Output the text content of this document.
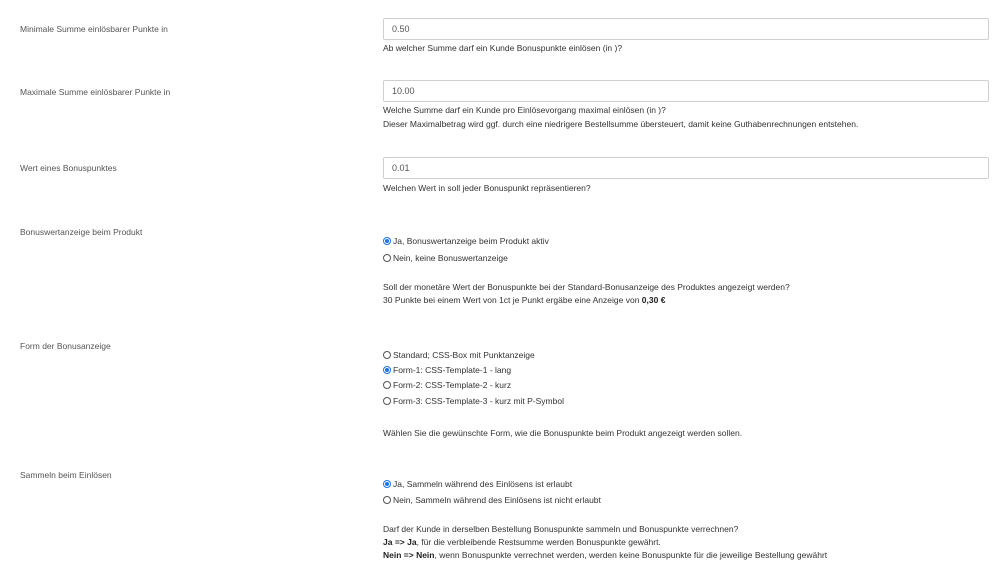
Minimale Summe einlösbarer Punkte in
0.50
Ab welcher Summe darf ein Kunde Bonuspunkte einlösen (in )?
Maximale Summe einlösbarer Punkte in
10.00
Welche Summe darf ein Kunde pro Einlösevorgang maximal einlösen (in )?
Dieser Maximalbetrag wird ggf. durch eine niedrigere Bestellsumme übersteuert, damit keine Guthabenrechnungen entstehen.
Wert eines Bonuspunktes
0.01
Welchen Wert in soll jeder Bonuspunkt repräsentieren?
Bonuswertanzeige beim Produkt
Ja, Bonuswertanzeige beim Produkt aktiv
Nein, keine Bonuswertanzeige
Soll der monetäre Wert der Bonuspunkte bei der Standard-Bonusanzeige des Produktes angezeigt werden?
30 Punkte bei einem Wert von 1ct je Punkt ergäbe eine Anzeige von 0,30 €
Form der Bonusanzeige
Standard; CSS-Box mit Punktanzeige
Form-1: CSS-Template-1 - lang
Form-2: CSS-Template-2 - kurz
Form-3: CSS-Template-3 - kurz mit P-Symbol
Wählen Sie die gewünschte Form, wie die Bonuspunkte beim Produkt angezeigt werden sollen.
Sammeln beim Einlösen
Ja, Sammeln während des Einlösens ist erlaubt
Nein, Sammeln während des Einlösens ist nicht erlaubt
Darf der Kunde in derselben Bestellung Bonuspunkte sammeln und Bonuspunkte verrechnen?
Ja => Ja, für die verbleibende Restsumme werden Bonuspunkte gewährt.
Nein => Nein, wenn Bonuspunkte verrechnet werden, werden keine Bonuspunkte für die jeweilige Bestellung gewährt
